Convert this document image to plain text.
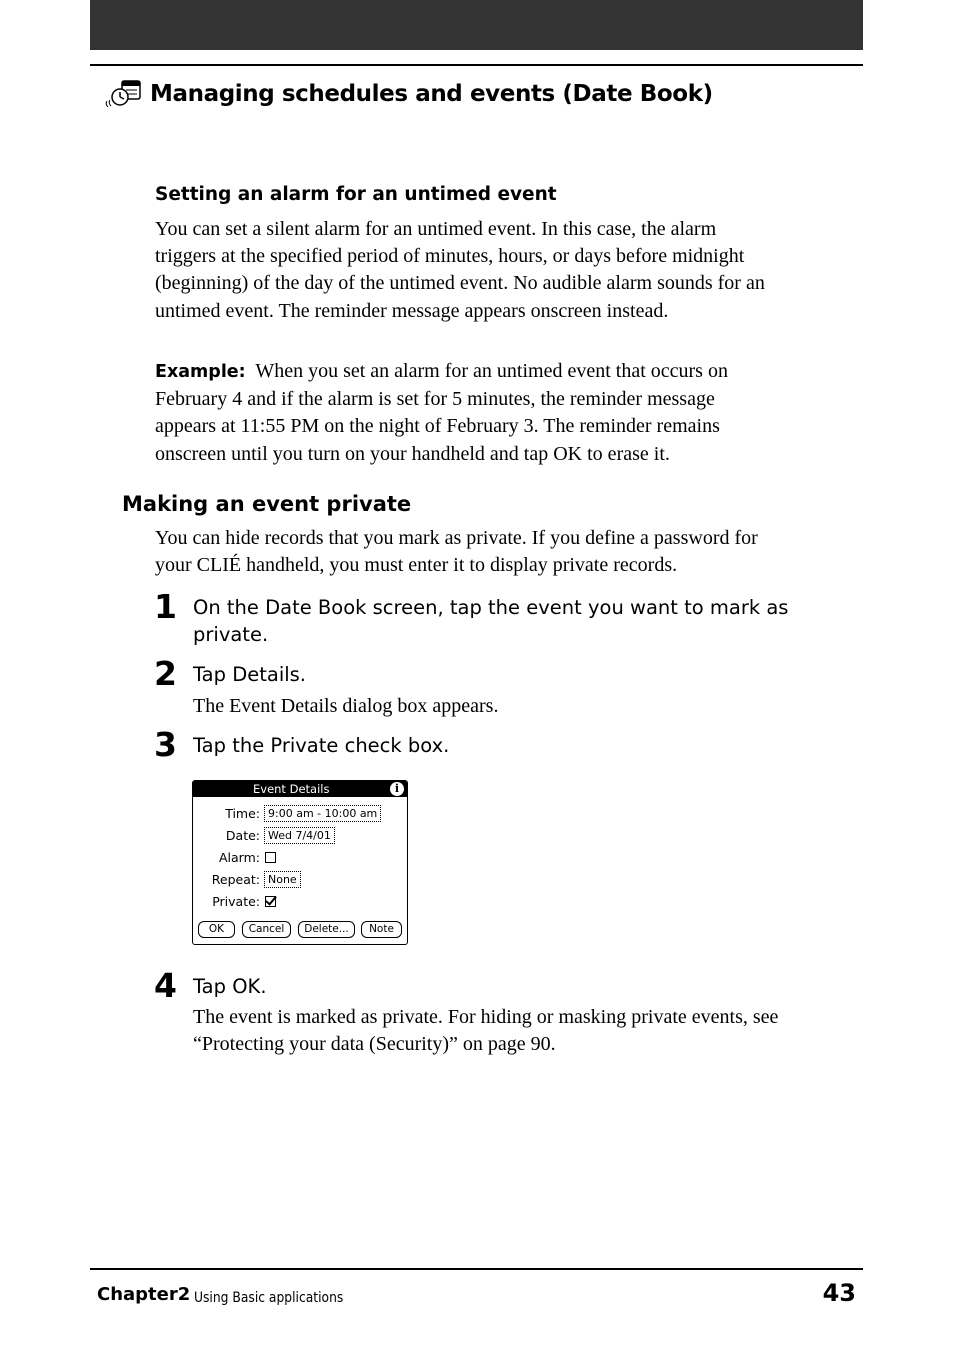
Managing schedules and events (Date Book)
Setting an alarm for an untimed event

You can set a silent alarm for an untimed event. In this case, the alarm

triggers at the specified period of minutes, hours, or days before midnight

(beginning) of the day of the untimed event. No audible alarm sounds for an

untimed event. The reminder message appears onscreen instead.

Example: When you set an alarm for an untimed event that occurs on

February 4 and if the alarm is set for 5 minutes, the reminder message

appears at 11:55 PM on the night of February 3. The reminder remains

onscreen until you turn on your handheld and tap OK to erase it.

Making an event private

You can hide records that you mark as private. If you define a password for

your CLIÉ handheld, you must enter it to display private records.

1 On the Date Book screen, tap the event you want to mark as

private.

2 Tap Details.

The Event Details dialog box appears.

3 Tap the Private check box.

Event Details	i
Time: 9:00 am - 10:00 am
Date: Wed 7/4/01
Alarm:
Repeat: None
Private:
OK	Cancel	Delete...	Note
4 Tap OK.

The event is marked as private. For hiding or masking private events, see

“Protecting your data (Security)” on page 90.

Chapter2 Using Basic applications	43
